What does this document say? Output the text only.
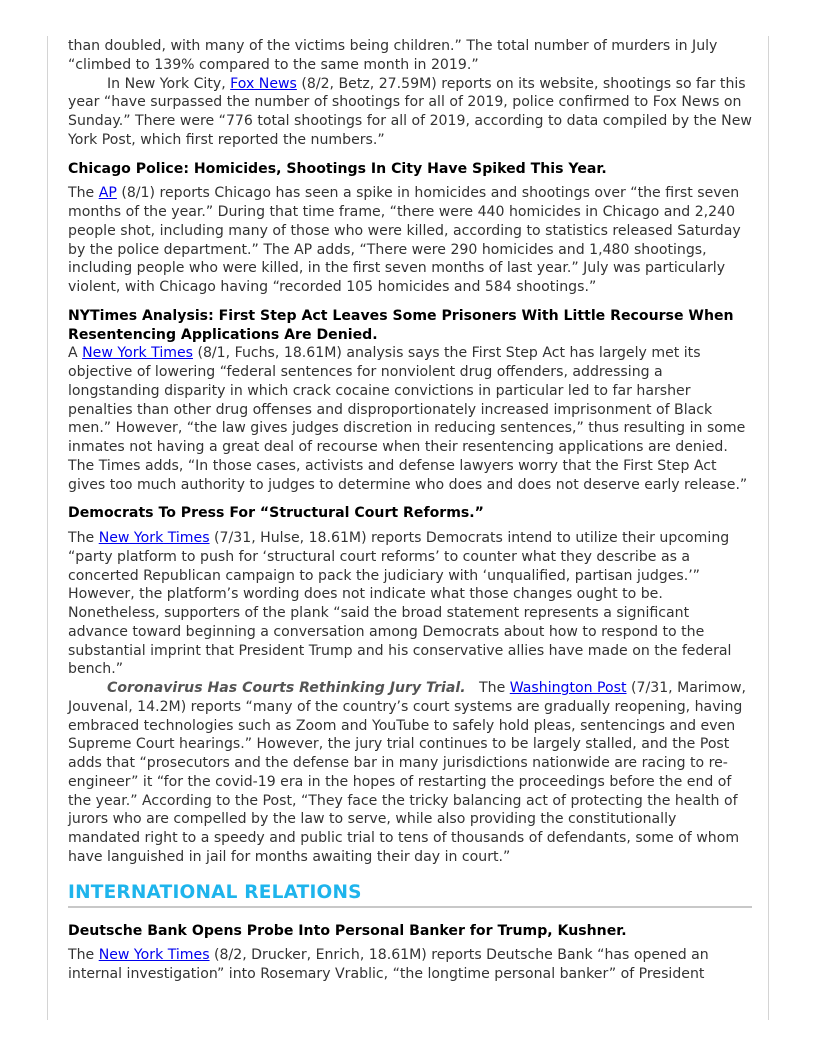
than doubled, with many of the victims being children.” The total number of murders in July “climbed to 139% compared to the same month in 2019.”

In New York City, Fox News (8/2, Betz, 27.59M) reports on its website, shootings so far this year “have surpassed the number of shootings for all of 2019, police confirmed to Fox News on Sunday.” There were “776 total shootings for all of 2019, according to data compiled by the New York Post, which first reported the numbers.”

Chicago Police: Homicides, Shootings In City Have Spiked This Year.

The AP (8/1) reports Chicago has seen a spike in homicides and shootings over “the first seven months of the year.” During that time frame, “there were 440 homicides in Chicago and 2,240 people shot, including many of those who were killed, according to statistics released Saturday by the police department.” The AP adds, “There were 290 homicides and 1,480 shootings, including people who were killed, in the first seven months of last year.” July was particularly violent, with Chicago having “recorded 105 homicides and 584 shootings.”

NYTimes Analysis: First Step Act Leaves Some Prisoners With Little Recourse When Resentencing Applications Are Denied.

A New York Times (8/1, Fuchs, 18.61M) analysis says the First Step Act has largely met its objective of lowering “federal sentences for nonviolent drug offenders, addressing a longstanding disparity in which crack cocaine convictions in particular led to far harsher penalties than other drug offenses and disproportionately increased imprisonment of Black men.” However, “the law gives judges discretion in reducing sentences,” thus resulting in some inmates not having a great deal of recourse when their resentencing applications are denied. The Times adds, “In those cases, activists and defense lawyers worry that the First Step Act gives too much authority to judges to determine who does and does not deserve early release.”

Democrats To Press For “Structural Court Reforms.”

The New York Times (7/31, Hulse, 18.61M) reports Democrats intend to utilize their upcoming “party platform to push for ‘structural court reforms’ to counter what they describe as a concerted Republican campaign to pack the judiciary with ‘unqualified, partisan judges.’” However, the platform’s wording does not indicate what those changes ought to be. Nonetheless, supporters of the plank “said the broad statement represents a significant advance toward beginning a conversation among Democrats about how to respond to the substantial imprint that President Trump and his conservative allies have made on the federal bench.”

Coronavirus Has Courts Rethinking Jury Trial. The Washington Post (7/31, Marimow, Jouvenal, 14.2M) reports “many of the country’s court systems are gradually reopening, having embraced technologies such as Zoom and YouTube to safely hold pleas, sentencings and even Supreme Court hearings.” However, the jury trial continues to be largely stalled, and the Post adds that “prosecutors and the defense bar in many jurisdictions nationwide are racing to re-engineer” it “for the covid-19 era in the hopes of restarting the proceedings before the end of the year.” According to the Post, “They face the tricky balancing act of protecting the health of jurors who are compelled by the law to serve, while also providing the constitutionally mandated right to a speedy and public trial to tens of thousands of defendants, some of whom have languished in jail for months awaiting their day in court.”

INTERNATIONAL RELATIONS
Deutsche Bank Opens Probe Into Personal Banker for Trump, Kushner.

The New York Times (8/2, Drucker, Enrich, 18.61M) reports Deutsche Bank “has opened an internal investigation” into Rosemary Vrablic, “the longtime personal banker” of President
